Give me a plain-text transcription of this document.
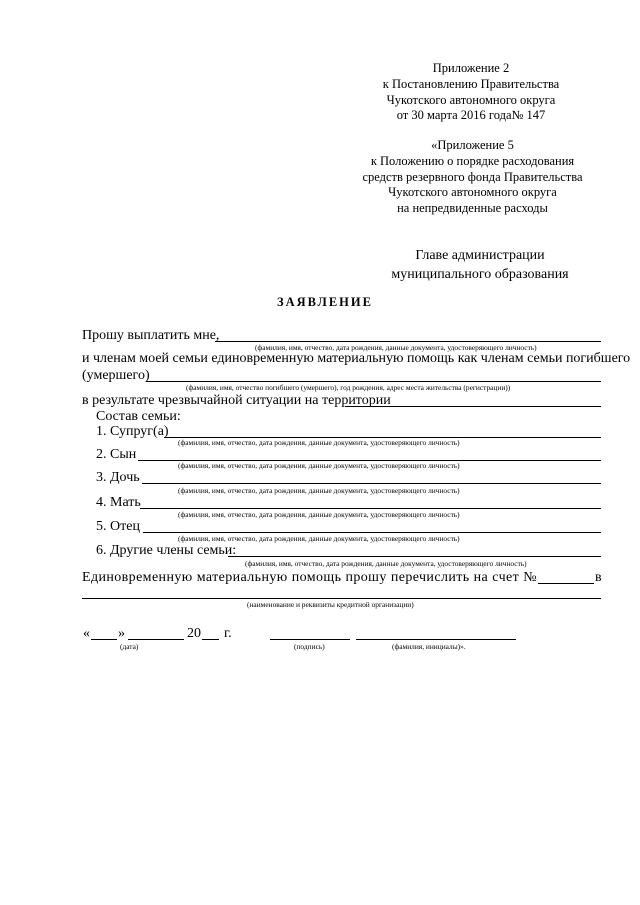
Приложение 2
к Постановлению Правительства
Чукотского автономного округа
от 30 марта 2016 года№ 147
«Приложение 5
к Положению о порядке расходования
средств резервного фонда Правительства
Чукотского автономного округа
на непредвиденные расходы
Главе администрации
муниципального образования
ЗАЯВЛЕНИЕ
Прошу выплатить мне,
(фамилия, имя, отчество, дата рождения, данные документа, удостоверяющего личность)
и членам моей семьи единовременную материальную помощь как членам семьи погибшего
(умершего)
(фамилия, имя, отчество погибшего (умершего), год рождения, адрес места жительства (регистрации))
в результате чрезвычайной ситуации на территории
Состав семьи:
1. Супруг(а)
(фамилия, имя, отчество, дата рождения, данные документа, удостоверяющего личность)
2. Сын
(фамилия, имя, отчество, дата рождения, данные документа, удостоверяющего личность)
3. Дочь
(фамилия, имя, отчество, дата рождения, данные документа, удостоверяющего личность)
4. Мать
(фамилия, имя, отчество, дата рождения, данные документа, удостоверяющего личность)
5. Отец
(фамилия, имя, отчество, дата рождения, данные документа, удостоверяющего личность)
6. Другие члены семьи:
(фамилия, имя, отчество, дата рождения, данные документа, удостоверяющего личность)
Единовременную материальную помощь прошу перечислить на счет №	в
(наименование и реквизиты кредитной организации)
« »	20 г.
(дата)	(подпись)	(фамилия, инициалы)».
